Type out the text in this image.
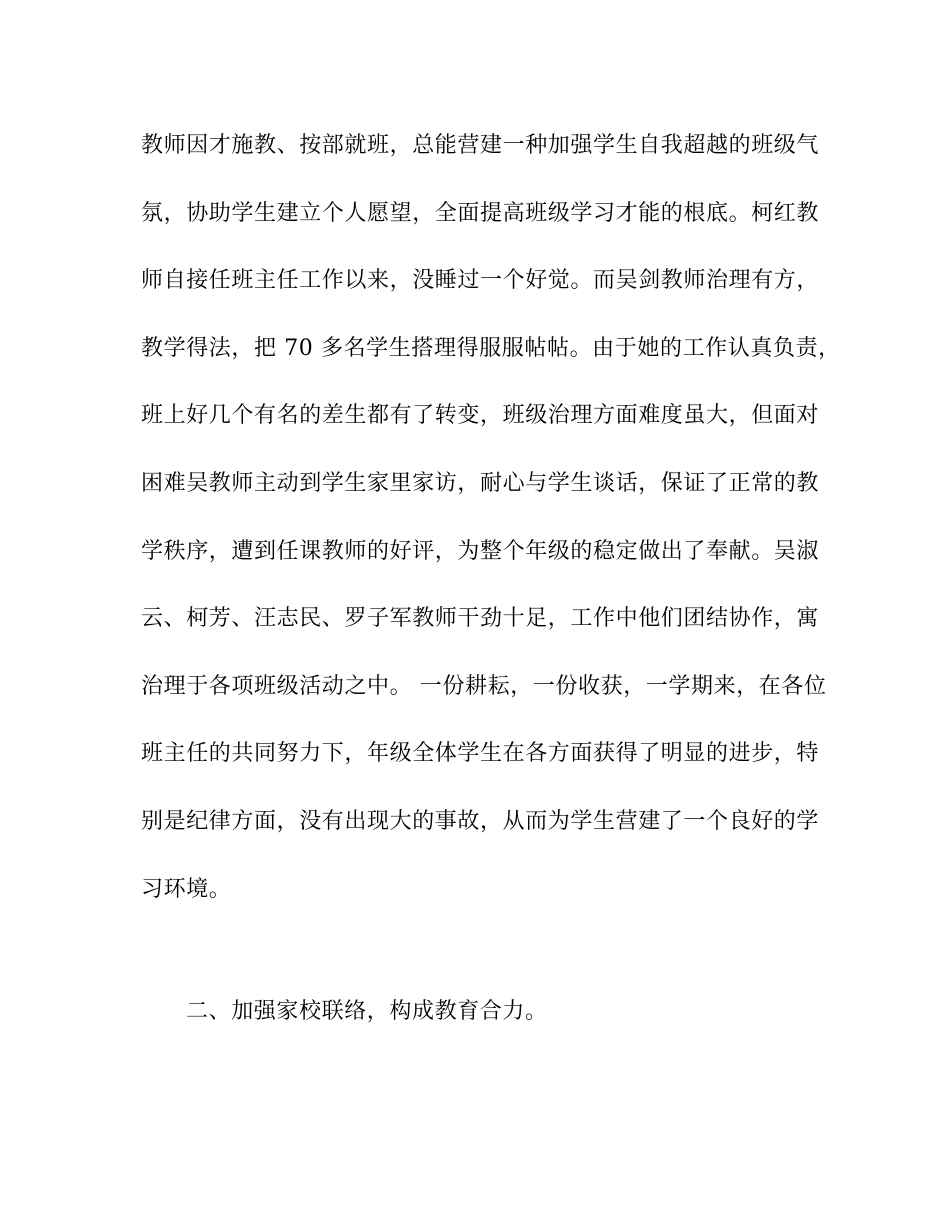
教师因才施教、按部就班，总能营建一种加强学生自我超越的班级气
氛，协助学生建立个人愿望，全面提高班级学习才能的根底。柯红教
师自接任班主任工作以来，没睡过一个好觉。而吴剑教师治理有方，
教学得法，把 70 多名学生搭理得服服帖帖。由于她的工作认真负责，
班上好几个有名的差生都有了转变，班级治理方面难度虽大，但面对
困难吴教师主动到学生家里家访，耐心与学生谈话，保证了正常的教
学秩序，遭到任课教师的好评，为整个年级的稳定做出了奉献。吴淑
云、柯芳、汪志民、罗子军教师干劲十足，工作中他们团结协作，寓
治理于各项班级活动之中。 一份耕耘，一份收获，一学期来，在各位
班主任的共同努力下，年级全体学生在各方面获得了明显的进步，特
别是纪律方面，没有出现大的事故，从而为学生营建了一个良好的学
习环境。
二、加强家校联络，构成教育合力。
